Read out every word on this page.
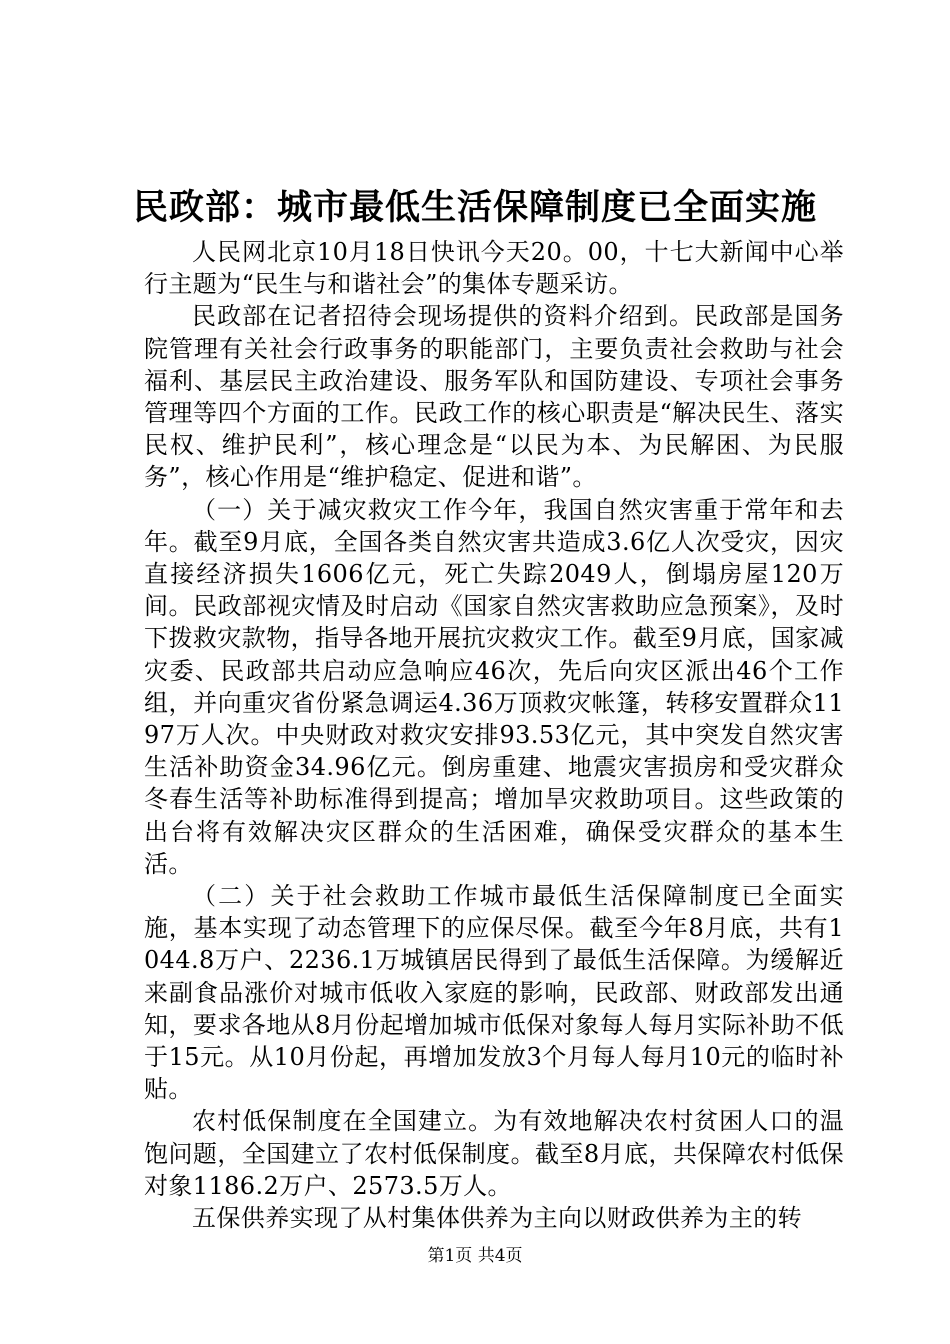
民政部：城市最低生活保障制度已全面实施

人民网北京10月18日快讯今天20。00，十七大新闻中心举行主题为“民生与和谐社会”的集体专题采访。

民政部在记者招待会现场提供的资料介绍到。民政部是国务院管理有关社会行政事务的职能部门，主要负责社会救助与社会福利、基层民主政治建设、服务军队和国防建设、专项社会事务管理等四个方面的工作。民政工作的核心职责是“解决民生、落实民权、维护民利”，核心理念是“以民为本、为民解困、为民服务”，核心作用是“维护稳定、促进和谐”。

（一）关于减灾救灾工作今年，我国自然灾害重于常年和去年。截至9月底，全国各类自然灾害共造成3.6亿人次受灾，因灾直接经济损失1606亿元，死亡失踪2049人，倒塌房屋120万间。民政部视灾情及时启动《国家自然灾害救助应急预案》，及时下拨救灾款物，指导各地开展抗灾救灾工作。截至9月底，国家减灾委、民政部共启动应急响应46次，先后向灾区派出46个工作组，并向重灾省份紧急调运4.36万顶救灾帐篷，转移安置群众1197万人次。中央财政对救灾安排93.53亿元，其中突发自然灾害生活补助资金34.96亿元。倒房重建、地震灾害损房和受灾群众冬春生活等补助标准得到提高；增加旱灾救助项目。这些政策的出台将有效解决灾区群众的生活困难，确保受灾群众的基本生活。

（二）关于社会救助工作城市最低生活保障制度已全面实施，基本实现了动态管理下的应保尽保。截至今年8月底，共有1044.8万户、2236.1万城镇居民得到了最低生活保障。为缓解近来副食品涨价对城市低收入家庭的影响，民政部、财政部发出通知，要求各地从8月份起增加城市低保对象每人每月实际补助不低于15元。从10月份起，再增加发放3个月每人每月10元的临时补贴。

农村低保制度在全国建立。为有效地解决农村贫困人口的温饱问题，全国建立了农村低保制度。截至8月底，共保障农村低保对象1186.2万户、2573.5万人。

五保供养实现了从村集体供养为主向以财政供养为主的转

第1页 共4页
